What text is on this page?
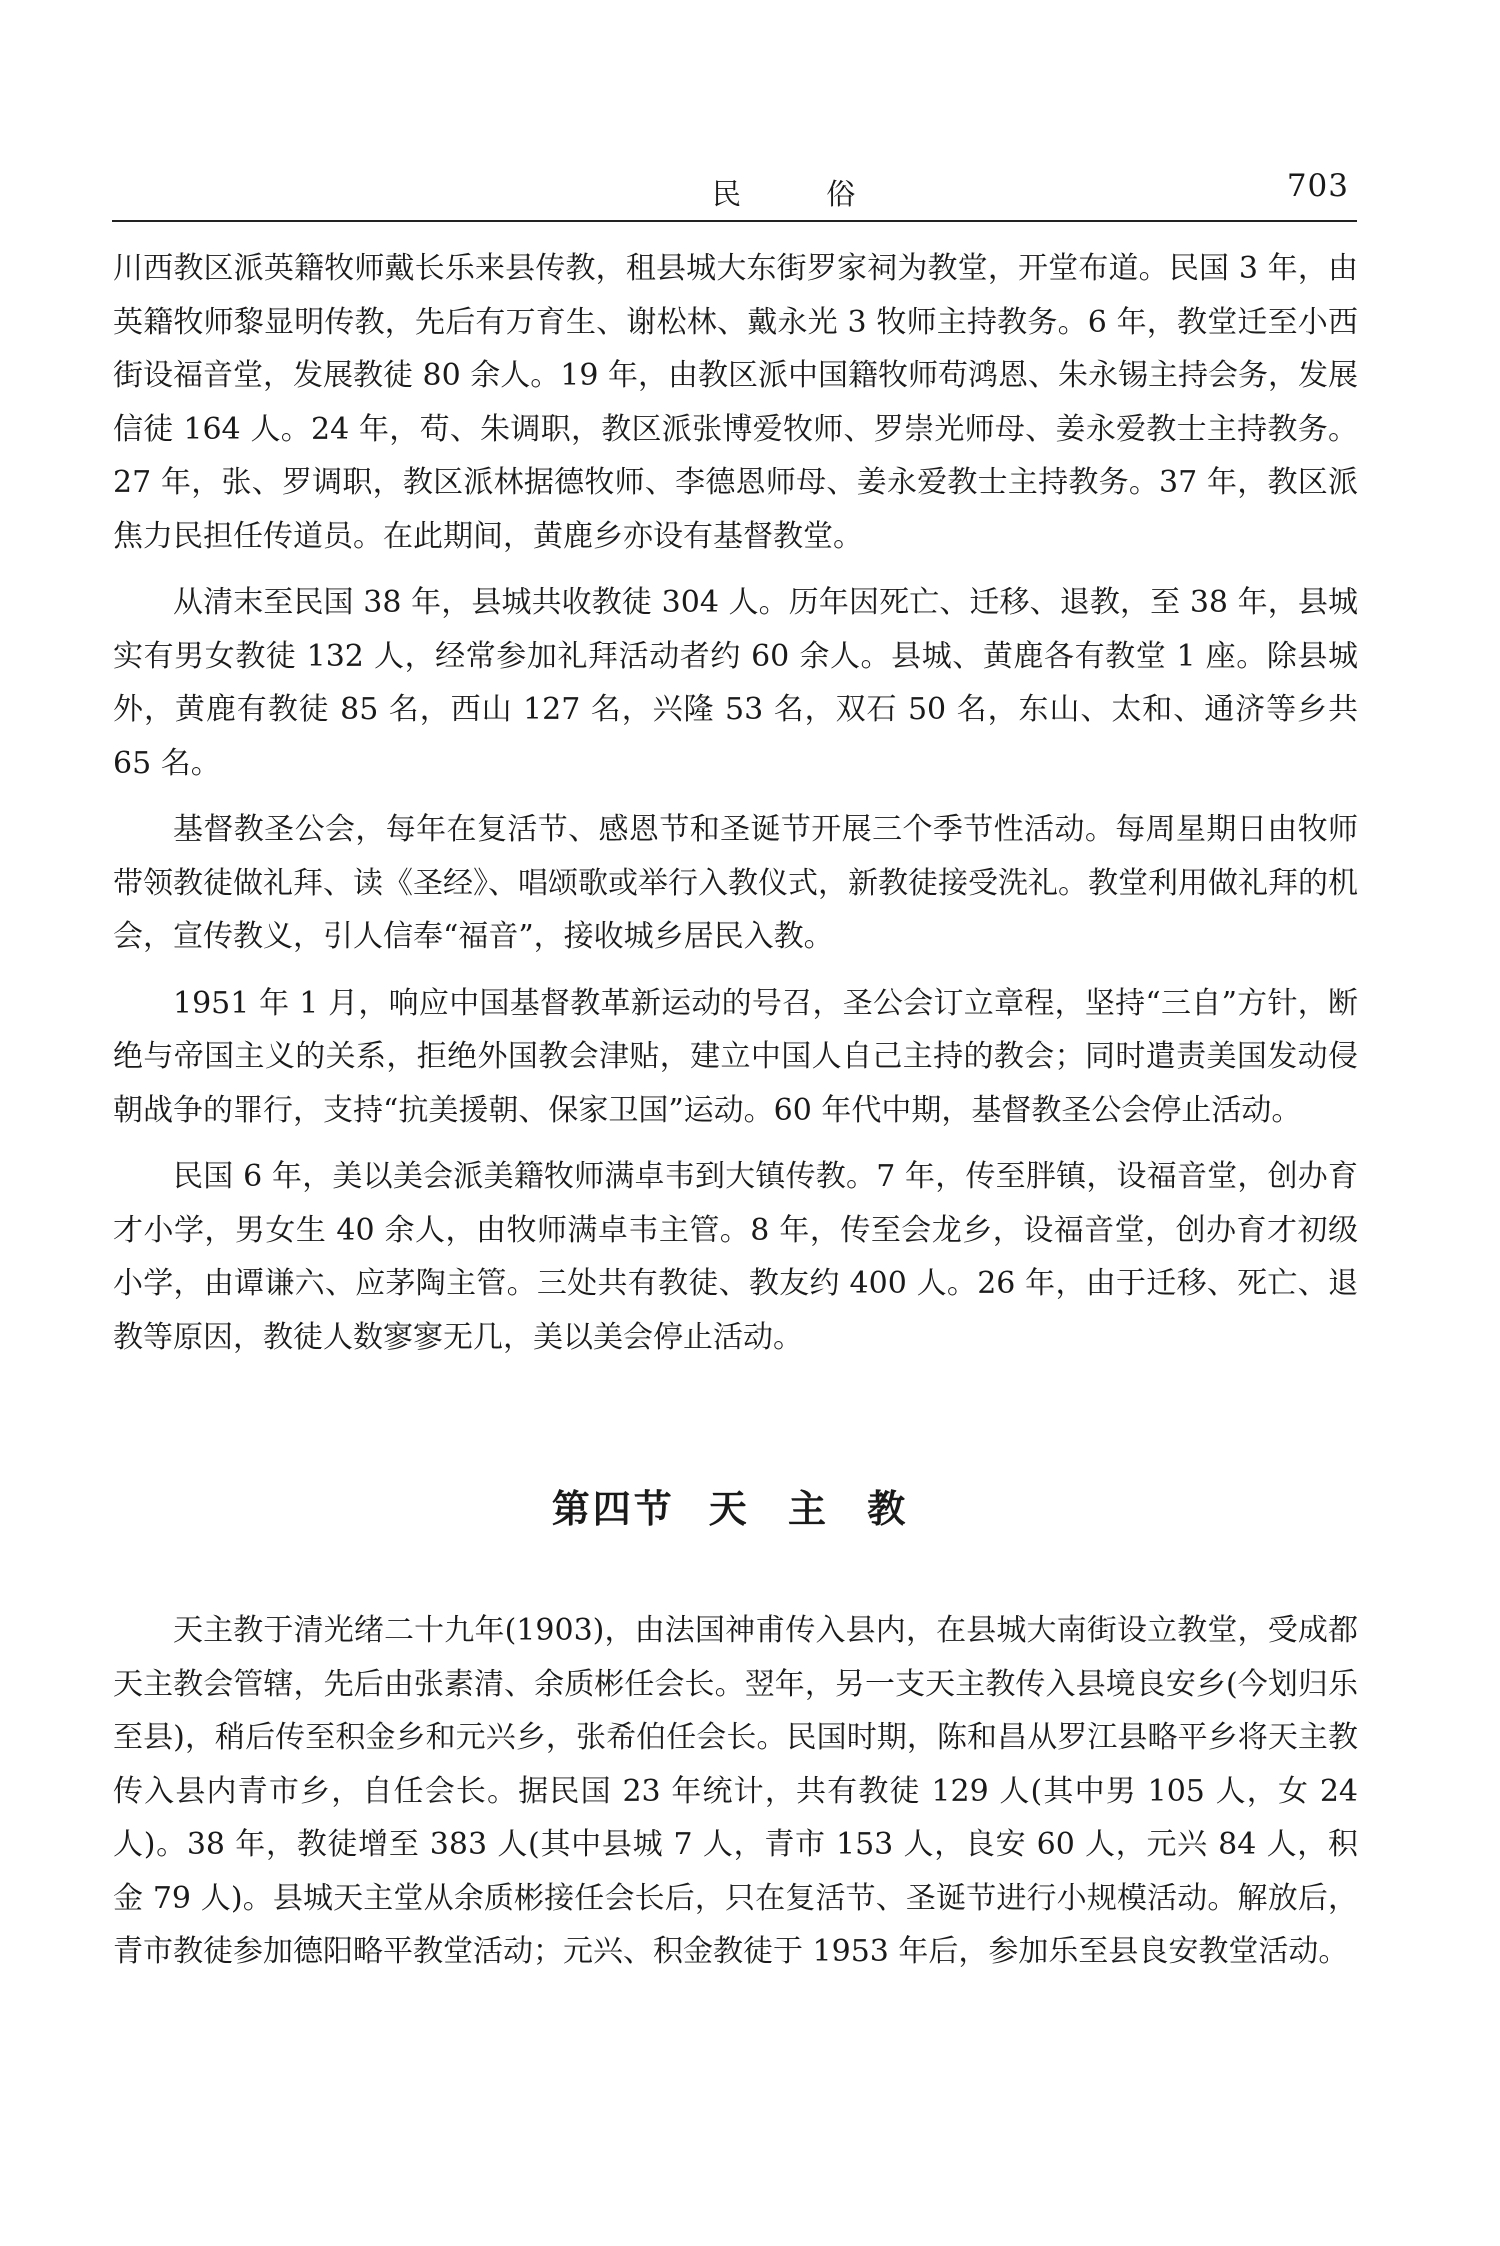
民 俗	703

川西教区派英籍牧师戴长乐来县传教，租县城大东街罗家祠为教堂，开堂布道。民国 3 年，由英籍牧师黎显明传教，先后有万育生、谢松林、戴永光 3 牧师主持教务。6 年，教堂迁至小西街设福音堂，发展教徒 80 余人。19 年，由教区派中国籍牧师苟鸿恩、朱永锡主持会务，发展信徒 164 人。24 年，苟、朱调职，教区派张博爱牧师、罗崇光师母、姜永爱教士主持教务。27 年，张、罗调职，教区派林据德牧师、李德恩师母、姜永爱教士主持教务。37 年，教区派焦力民担任传道员。在此期间，黄鹿乡亦设有基督教堂。

从清末至民国 38 年，县城共收教徒 304 人。历年因死亡、迁移、退教，至 38 年，县城实有男女教徒 132 人，经常参加礼拜活动者约 60 余人。县城、黄鹿各有教堂 1 座。除县城外，黄鹿有教徒 85 名，西山 127 名，兴隆 53 名，双石 50 名，东山、太和、通济等乡共 65 名。

基督教圣公会，每年在复活节、感恩节和圣诞节开展三个季节性活动。每周星期日由牧师带领教徒做礼拜、读《圣经》、唱颂歌或举行入教仪式，新教徒接受洗礼。教堂利用做礼拜的机会，宣传教义，引人信奉“福音”，接收城乡居民入教。

1951 年 1 月，响应中国基督教革新运动的号召，圣公会订立章程，坚持“三自”方针，断绝与帝国主义的关系，拒绝外国教会津贴，建立中国人自己主持的教会；同时遣责美国发动侵朝战争的罪行，支持“抗美援朝、保家卫国”运动。60 年代中期，基督教圣公会停止活动。

民国 6 年，美以美会派美籍牧师满卓韦到大镇传教。7 年，传至胖镇，设福音堂，创办育才小学，男女生 40 余人，由牧师满卓韦主管。8 年，传至会龙乡，设福音堂，创办育才初级小学，由谭谦六、应茅陶主管。三处共有教徒、教友约 400 人。26 年，由于迁移、死亡、退教等原因，教徒人数寥寥无几，美以美会停止活动。

第四节 天 主 教

天主教于清光绪二十九年(1903)，由法国神甫传入县内，在县城大南街设立教堂，受成都天主教会管辖，先后由张素清、余质彬任会长。翌年，另一支天主教传入县境良安乡(今划归乐至县)，稍后传至积金乡和元兴乡，张希伯任会长。民国时期，陈和昌从罗江县略平乡将天主教传入县内青市乡，自任会长。据民国 23 年统计，共有教徒 129 人(其中男 105 人，女 24 人)。38 年，教徒增至 383 人(其中县城 7 人，青市 153 人，良安 60 人，元兴 84 人，积金 79 人)。县城天主堂从余质彬接任会长后，只在复活节、圣诞节进行小规模活动。解放后，青市教徒参加德阳略平教堂活动；元兴、积金教徒于 1953 年后，参加乐至县良安教堂活动。
